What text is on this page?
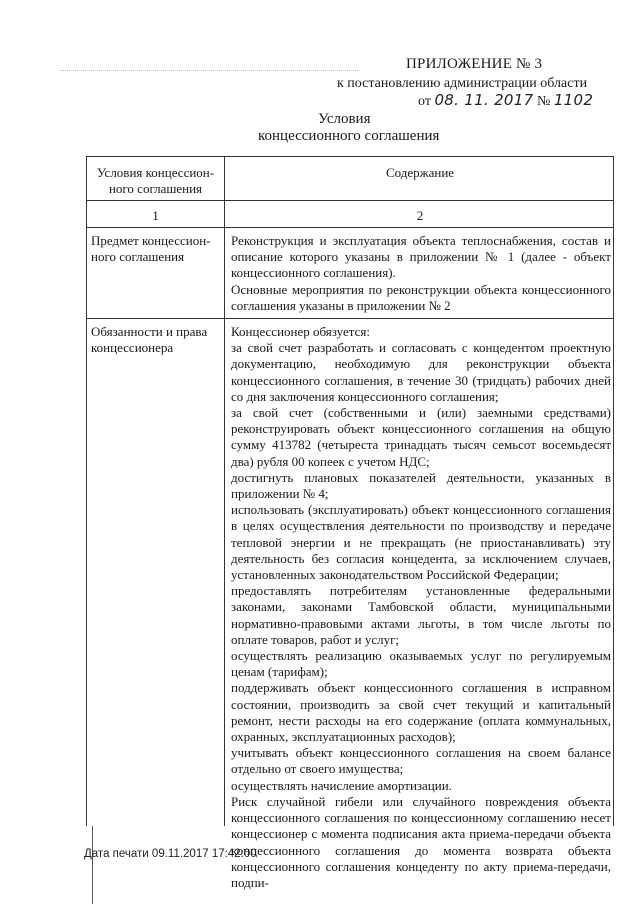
ПРИЛОЖЕНИЕ № 3
к постановлению администрации области
от 08. 11. 2017 № 1102
Условия
концессионного соглашения
Условия концессион-
ного соглашения
Содержание
1	2
Предмет концессион-
ного соглашения
Реконструкция и эксплуатация объекта теплоснабжения, состав и описание которого указаны в приложении № 1 (далее - объект концессионного соглашения).
Основные мероприятия по реконструкции объекта концессионного соглашения указаны в приложении № 2
Обязанности и права
концессионера
Концессионер обязуется:
за свой счет разработать и согласовать с концедентом проектную документацию, необходимую для реконструкции объекта концессионного соглашения, в течение 30 (тридцать) рабочих дней со дня заключения концессионного соглашения;
за свой счет (собственными и (или) заемными средствами) реконструировать объект концессионного соглашения на общую сумму 413782 (четыреста тринадцать тысяч семьсот восемьдесят два) рубля 00 копеек с учетом НДС;
достигнуть плановых показателей деятельности, указанных в приложении № 4;
использовать (эксплуатировать) объект концессионного соглашения в целях осуществления деятельности по производству и передаче тепловой энергии и не прекращать (не приостанавливать) эту деятельность без согласия концедента, за исключением случаев, установленных законодательством Российской Федерации;
предоставлять потребителям установленные федеральными законами, законами Тамбовской области, муниципальными нормативно-правовыми актами льготы, в том числе льготы по оплате товаров, работ и услуг;
осуществлять реализацию оказываемых услуг по регулируемым ценам (тарифам);
поддерживать объект концессионного соглашения в исправном состоянии, производить за свой счет текущий и капитальный ремонт, нести расходы на его содержание (оплата коммунальных, охранных, эксплуатационных расходов);
учитывать объект концессионного соглашения на своем балансе отдельно от своего имущества;
осуществлять начисление амортизации.
Риск случайной гибели или случайного повреждения объекта концессионного соглашения по концессионному соглашению несет концессионер с момента подписания акта приема-передачи объекта концессионного соглашения до момента возврата объекта концессионного соглашения концеденту по акту приема-передачи, подпи-
Дата печати 09.11.2017 17:42:00
